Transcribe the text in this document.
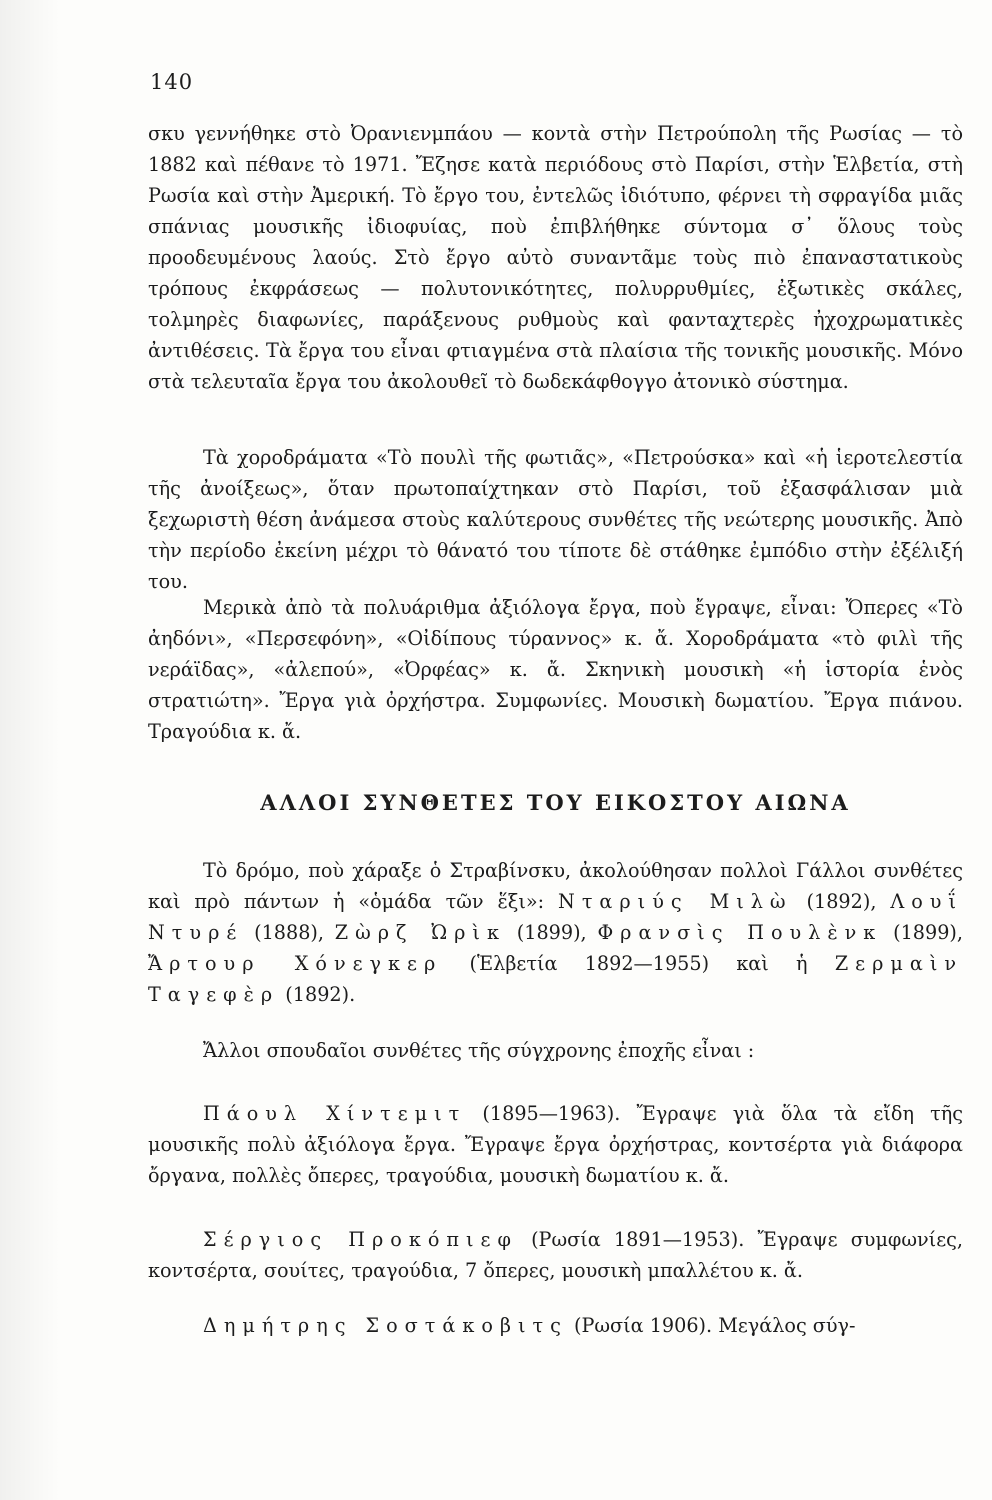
140

σκυ γεννήθηκε στὸ Ὀρανιενμπάου — κοντὰ στὴν Πετρούπολη τῆς Ρωσίας — τὸ 1882 καὶ πέθανε τὸ 1971. Ἔζησε κατὰ περιόδους στὸ Παρίσι, στὴν Ἑλβετία, στὴ Ρωσία καὶ στὴν Ἀμερική. Τὸ ἔργο του, ἐντελῶς ἰδιότυπο, φέρνει τὴ σφραγίδα μιᾶς σπάνιας μουσικῆς ἰδιοφυίας, ποὺ ἐπιβλήθηκε σύντομα σ᾽ ὅλους τοὺς προοδευμένους λαούς. Στὸ ἔργο αὐτὸ συναντᾶμε τοὺς πιὸ ἐπαναστατικοὺς τρόπους ἐκφράσεως — πολυτονικότητες, πολυρρυθμίες, ἐξωτικὲς σκάλες, τολμηρὲς διαφωνίες, παράξενους ρυθμοὺς καὶ φανταχτερὲς ἠχοχρωματικὲς ἀντιθέσεις. Τὰ ἔργα του εἶναι φτιαγμένα στὰ πλαίσια τῆς τονικῆς μουσικῆς. Μόνο στὰ τελευταῖα ἔργα του ἀκολουθεῖ τὸ δωδεκάφθογγο ἀτονικὸ σύστημα.

Τὰ χοροδράματα «Τὸ πουλὶ τῆς φωτιᾶς», «Πετρούσκα» καὶ «ἡ ἱεροτελεστία τῆς ἀνοίξεως», ὅταν πρωτοπαίχτηκαν στὸ Παρίσι, τοῦ ἐξασφάλισαν μιὰ ξεχωριστὴ θέση ἀνάμεσα στοὺς καλύτερους συνθέτες τῆς νεώτερης μουσικῆς. Ἀπὸ τὴν περίοδο ἐκείνη μέχρι τὸ θάνατό του τίποτε δὲ στάθηκε ἐμπόδιο στὴν ἐξέλιξή του.

Μερικὰ ἀπὸ τὰ πολυάριθμα ἀξιόλογα ἔργα, ποὺ ἔγραψε, εἶναι: Ὄπερες «Τὸ ἀηδόνι», «Περσεφόνη», «Οἰδίπους τύραννος» κ. ἄ. Χοροδράματα «τὸ φιλὶ τῆς νεράϊδας», «ἀλεπού», «Ὀρφέας» κ. ἄ. Σκηνικὴ μουσικὴ «ἡ ἱστορία ἑνὸς στρατιώτη». Ἔργα γιὰ ὀρχήστρα. Συμφωνίες. Μουσικὴ δωματίου. Ἔργα πιάνου. Τραγούδια κ. ἄ.

ΑΛΛΟΙ ΣΥΝΘΕΤΕΣ ΤΟΥ ΕΙΚΟΣΤΟΥ ΑΙΩΝΑ

Τὸ δρόμο, ποὺ χάραξε ὁ Στραβίνσκυ, ἀκολούθησαν πολλοὶ Γάλλοι συνθέτες καὶ πρὸ πάντων ἡ «ὁμάδα τῶν ἕξι»: Νταριύς Μιλὼ (1892), Λουΐ Ντυρέ (1888), Ζὼρζ Ὠρὶκ (1899), Φρανσὶς Πουλὲνκ (1899), Ἄρτουρ Χόνεγκερ (Ἑλβετία 1892—1955) καὶ ἡ Ζερμαὶν Ταγεφὲρ (1892).

Ἄλλοι σπουδαῖοι συνθέτες τῆς σύγχρονης ἐποχῆς εἶναι :

Πάουλ Χίντεμιτ (1895—1963). Ἔγραψε γιὰ ὅλα τὰ εἴδη τῆς μουσικῆς πολὺ ἀξιόλογα ἔργα. Ἔγραψε ἔργα ὀρχήστρας, κοντσέρτα γιὰ διάφορα ὄργανα, πολλὲς ὄπερες, τραγούδια, μουσικὴ δωματίου κ. ἄ.

Σέργιος Προκόπιεφ (Ρωσία 1891—1953). Ἔγραψε συμφωνίες, κοντσέρτα, σουίτες, τραγούδια, 7 ὄπερες, μουσικὴ μπαλλέτου κ. ἄ.

Δημήτρης Σοστάκοβιτς (Ρωσία 1906). Μεγάλος σύγ-
